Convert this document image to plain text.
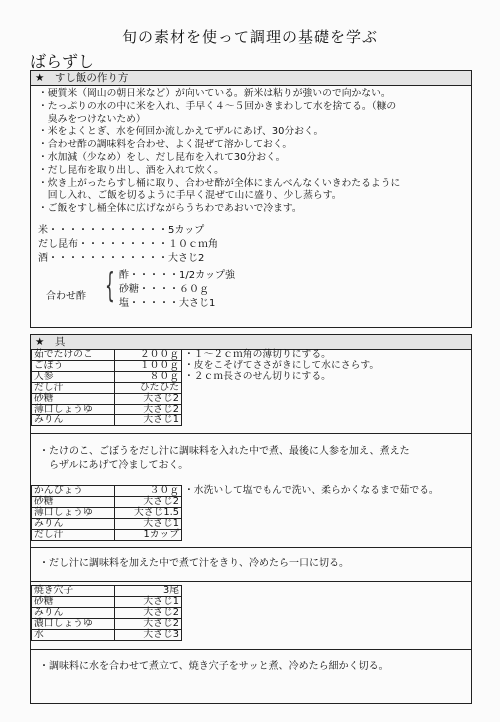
旬の素材を使って調理の基礎を学ぶ
ばらずし
★　すし飯の作り方
・硬質米（岡山の朝日米など）が向いている。新米は粘りが強いので向かない。
・たっぷりの水の中に米を入れ、手早く４～５回かきまわして水を捨てる。（糠の
　臭みをつけないため）
・米をよくとぎ、水を何回か流しかえてザルにあげ、30分おく。
・合わせ酢の調味料を合わせ、よく混ぜて溶かしておく。
・水加減（少なめ）をし、だし昆布を入れて30分おく。
・だし昆布を取り出し、酒を入れて炊く。
・炊き上がったらすし桶に取り、合わせ酢が全体にまんべんなくいきわたるように
　回し入れ、ご飯を切るように手早く混ぜて山に盛り、少し蒸らす。
・ご飯をすし桶全体に広げながらうちわであおいで冷ます。
米・・・・・・・・・・・・5カップ
だし昆布・・・・・・・・・１０ｃｍ角
酒・・・・・・・・・・・・大さじ2
合わせ酢 { 酢・・・・・1/2カップ強
砂糖・・・・６０ｇ
塩・・・・・大さじ1
★　具
茹でたけのこ	２００ｇ	・１～２ｃｍ角の薄切りにする。
ごぼう	１００ｇ	・皮をこそげてささがきにして水にさらす。
人参	８０ｇ	・２ｃｍ長さのせん切りにする。
だし汁	ひたひた	
砂糖	大さじ2	
薄口しょうゆ	大さじ2	
みりん	大さじ1	
・たけのこ、ごぼうをだし汁に調味料を入れた中で煮、最後に人参を加え、煮えた
　らザルにあげて冷ましておく。
かんぴょう	３０ｇ	・水洗いして塩でもんで洗い、柔らかくなるまで茹でる。
砂糖	大さじ2	
薄口しょうゆ	大さじ1.5	
みりん	大さじ1	
だし汁	1カップ	
・だし汁に調味料を加えた中で煮て汁をきり、冷めたら一口に切る。
焼き穴子	3尾
砂糖	大さじ1
みりん	大さじ2
濃口しょうゆ	大さじ2
水	大さじ3
・調味料に水を合わせて煮立て、焼き穴子をサッと煮、冷めたら細かく切る。
